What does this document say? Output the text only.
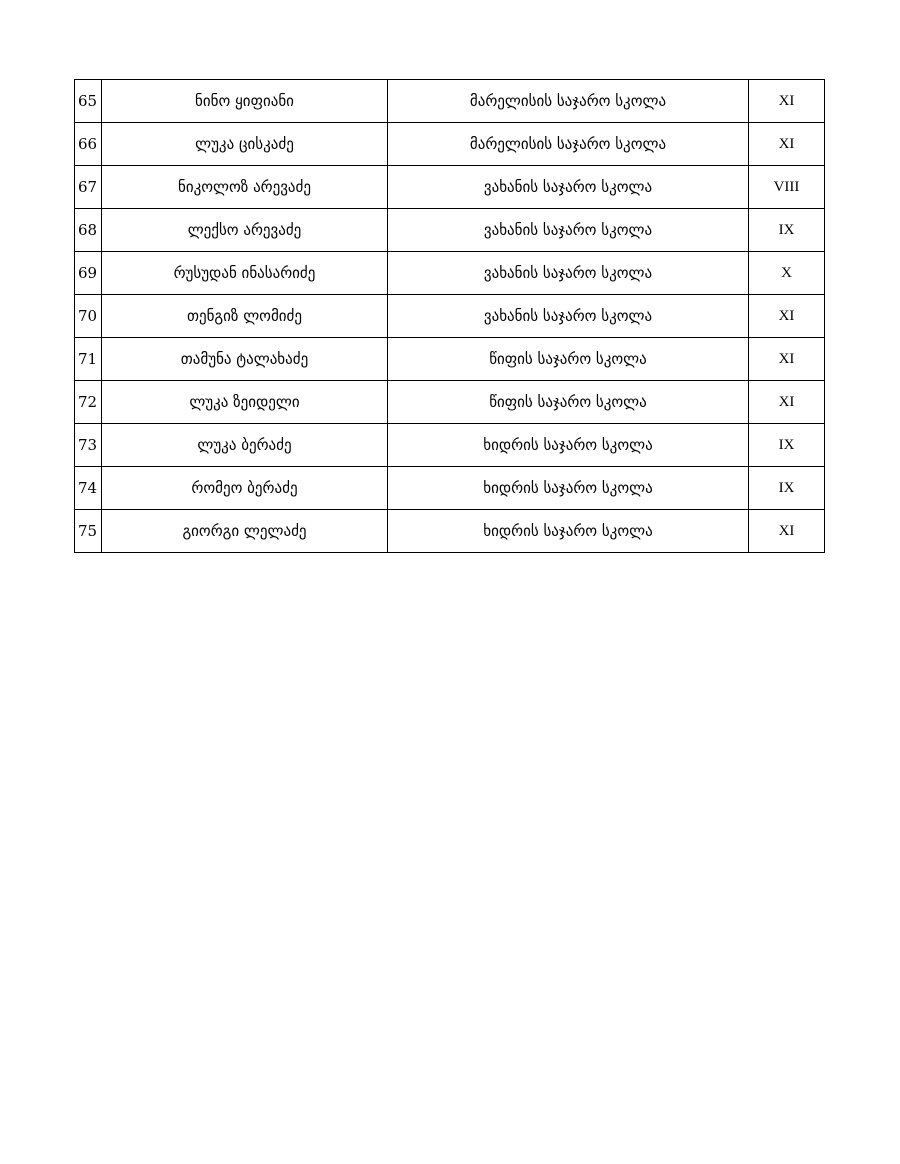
65	ნინო ყიფიანი	მარელისის საჯარო სკოლა	XI
66	ლუკა ცისკაძე	მარელისის საჯარო სკოლა	XI
67	ნიკოლოზ არევაძე	ვახანის საჯარო სკოლა	VIII
68	ლექსო არევაძე	ვახანის საჯარო სკოლა	IX
69	რუსუდან ინასარიძე	ვახანის საჯარო სკოლა	X
70	თენგიზ ლომიძე	ვახანის საჯარო სკოლა	XI
71	თამუნა ტალახაძე	წიფის საჯარო სკოლა	XI
72	ლუკა ზეიდელი	წიფის საჯარო სკოლა	XI
73	ლუკა ბერაძე	ხიდრის საჯარო სკოლა	IX
74	რომეო ბერაძე	ხიდრის საჯარო სკოლა	IX
75	გიორგი ლელაძე	ხიდრის საჯარო სკოლა	XI
